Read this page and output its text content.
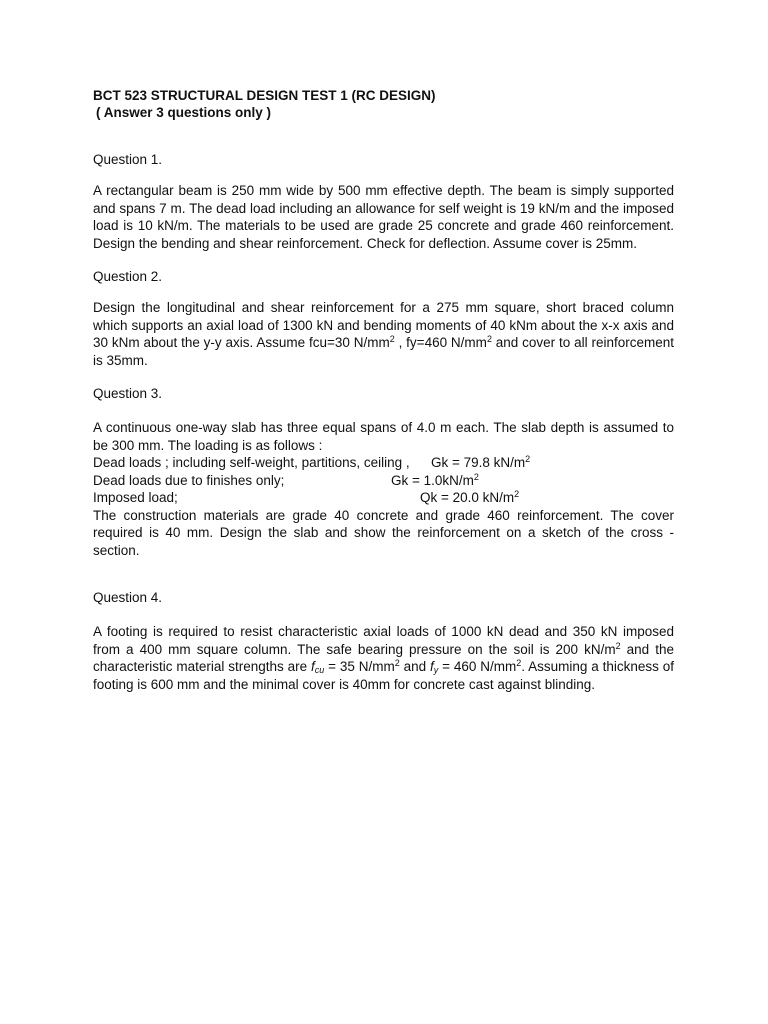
BCT 523 STRUCTURAL DESIGN TEST 1 (RC DESIGN)

( Answer 3 questions only )

Question 1.

A rectangular beam is 250 mm wide by 500 mm effective depth. The beam is simply supported and spans 7 m. The dead load including an allowance for self weight is 19 kN/m and the imposed load is 10 kN/m. The materials to be used are grade 25 concrete and grade 460 reinforcement. Design the bending and shear reinforcement. Check for deflection. Assume cover is 25mm.

Question 2.

Design the longitudinal and shear reinforcement for a 275 mm square, short braced column which supports an axial load of 1300 kN and bending moments of 40 kNm about the x-x axis and 30 kNm about the y-y axis. Assume fcu=30 $N/mm^2$ , fy=460 $N/mm^2$ and cover to all reinforcement is 35mm.

Question 3.

A continuous one-way slab has three equal spans of 4.0 m each. The slab depth is assumed to be 300 mm. The loading is as follows :

Dead loads ; including self-weight, partitions, ceiling , Gk = 79.8 $kN/m^2$
Dead loads due to finishes only;	$Gk = 1.0kN/m^2$
Imposed load;	Qk = 20.0 $kN/m^2$

The construction materials are grade 40 concrete and grade 460 reinforcement. The cover required is 40 mm. Design the slab and show the reinforcement on a sketch of the cross - section.

Question 4.

A footing is required to resist characteristic axial loads of 1000 kN dead and 350 kN imposed from a 400 mm square column. The safe bearing pressure on the soil is 200 $kN/m^2$ and the characteristic material strengths are $f_{cu} = 35$ $N/mm^2$ and $f_y = 460$ $N/mm^2$. Assuming a thickness of footing is 600 mm and the minimal cover is 40mm for concrete cast against blinding.
